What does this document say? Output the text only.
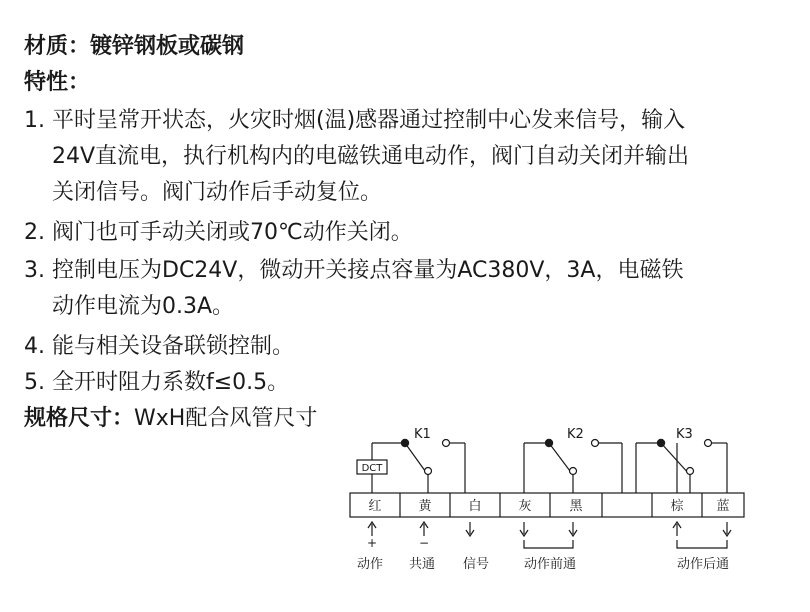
材质：镀锌钢板或碳钢
特性：
1. 平时呈常开状态，火灾时烟(温)感器通过控制中心发来信号，输入
24V直流电，执行机构内的电磁铁通电动作，阀门自动关闭并输出
关闭信号。阀门动作后手动复位。
2. 阀门也可手动关闭或70℃动作关闭。
3. 控制电压为DC24V，微动开关接点容量为AC380V，3A，电磁铁
动作电流为0.3A。
4. 能与相关设备联锁控制。
5. 全开时阻力系数f≤0.5。
规格尺寸：WxH配合风管尺寸
K1	K2	K3
DCT
红	黄	白	灰	黑	棕	蓝
+	−
动作 共通 信号	动作前通	动作后通
